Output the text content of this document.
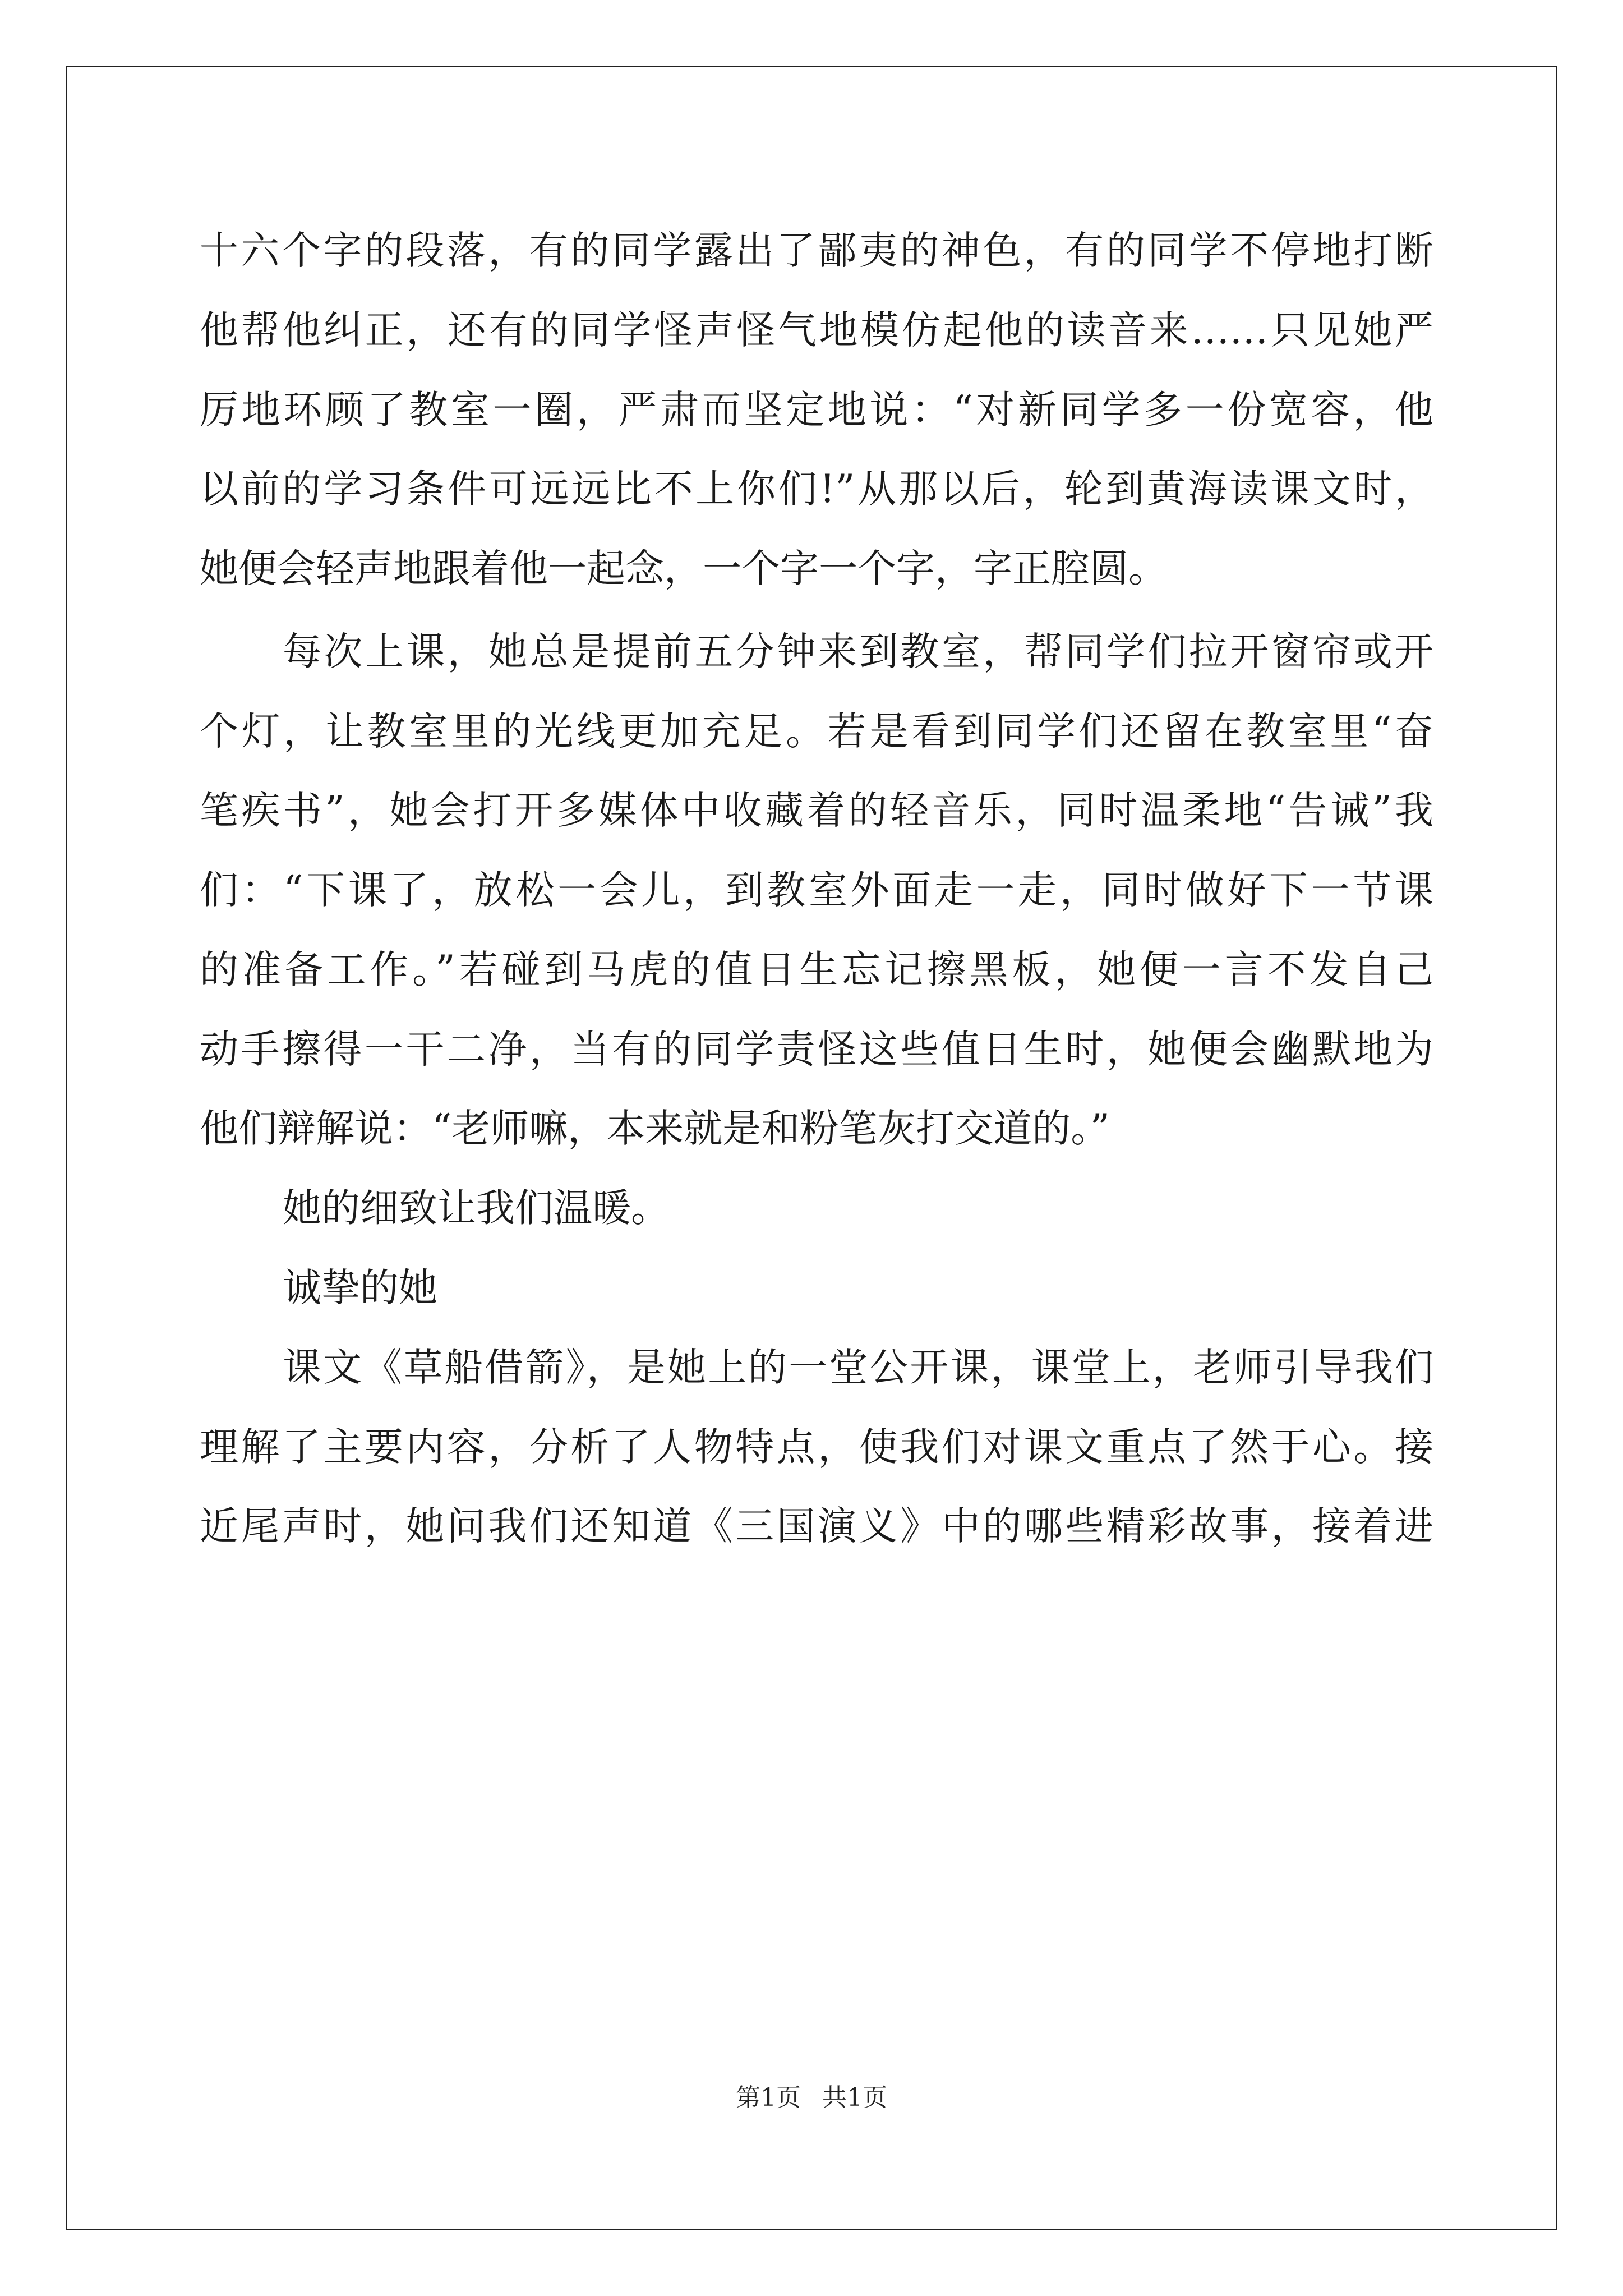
十六个字的段落，有的同学露出了鄙夷的神色，有的同学不停地打断
他帮他纠正，还有的同学怪声怪气地模仿起他的读音来……只见她严
厉地环顾了教室一圈，严肃而坚定地说：“对新同学多一份宽容，他
以前的学习条件可远远比不上你们!”从那以后，轮到黄海读课文时，
她便会轻声地跟着他一起念，一个字一个字，字正腔圆。
每次上课，她总是提前五分钟来到教室，帮同学们拉开窗帘或开
个灯，让教室里的光线更加充足。若是看到同学们还留在教室里“奋
笔疾书”，她会打开多媒体中收藏着的轻音乐，同时温柔地“告诫”我
们：“下课了，放松一会儿，到教室外面走一走，同时做好下一节课
的准备工作。”若碰到马虎的值日生忘记擦黑板，她便一言不发自己
动手擦得一干二净，当有的同学责怪这些值日生时，她便会幽默地为
他们辩解说：“老师嘛，本来就是和粉笔灰打交道的。”
她的细致让我们温暖。
诚挚的她
课文《草船借箭》，是她上的一堂公开课，课堂上，老师引导我们
理解了主要内容，分析了人物特点，使我们对课文重点了然于心。接
近尾声时，她问我们还知道《三国演义》中的哪些精彩故事，接着进
第1页 共1页
